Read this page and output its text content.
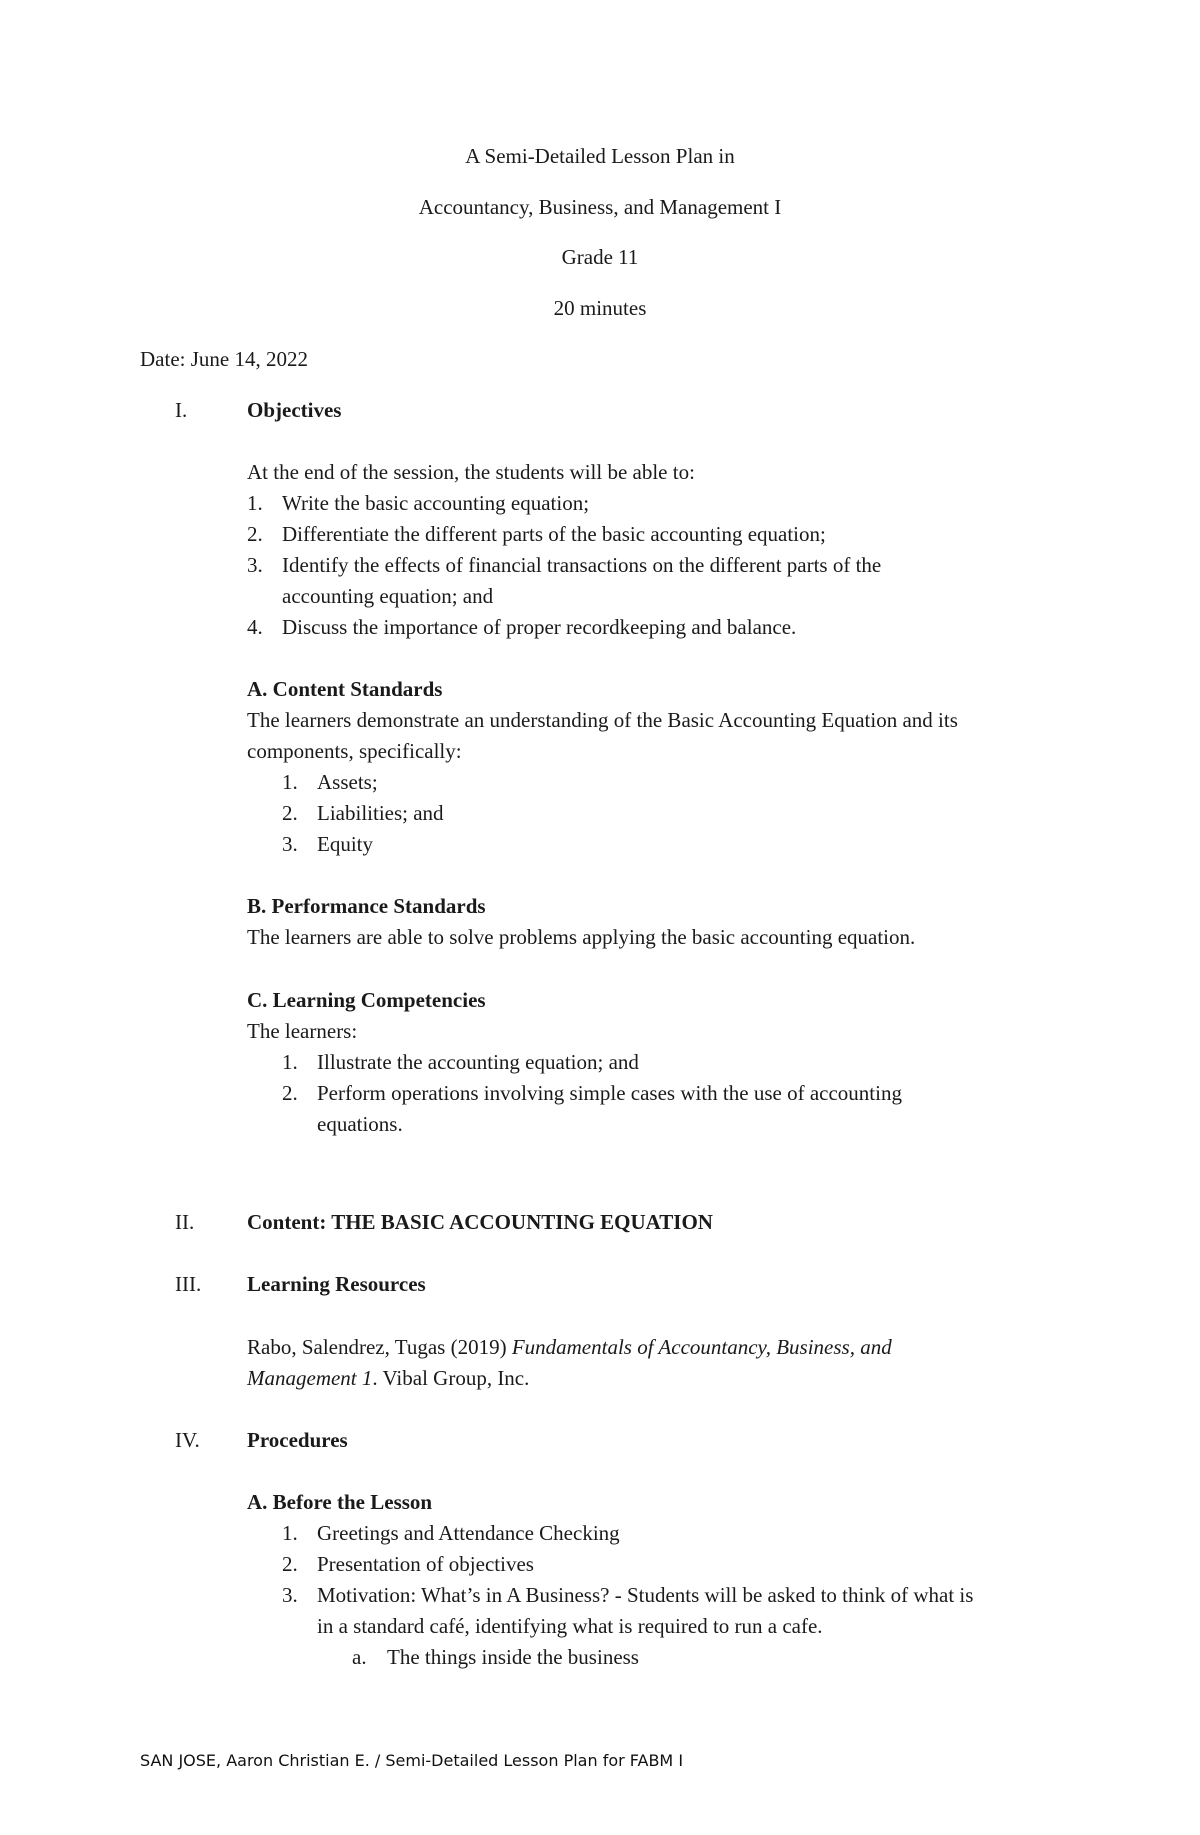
A Semi-Detailed Lesson Plan in
Accountancy, Business, and Management I
Grade 11
20 minutes
Date: June 14, 2022
I.	Objectives
At the end of the session, the students will be able to:
1. Write the basic accounting equation;
2. Differentiate the different parts of the basic accounting equation;
3. Identify the effects of financial transactions on the different parts of the
accounting equation; and
4. Discuss the importance of proper recordkeeping and balance.
A. Content Standards
The learners demonstrate an understanding of the Basic Accounting Equation and its
components, specifically:
1. Assets;
2. Liabilities; and
3. Equity
B. Performance Standards
The learners are able to solve problems applying the basic accounting equation.
C. Learning Competencies
The learners:
1. Illustrate the accounting equation; and
2. Perform operations involving simple cases with the use of accounting
equations.
II.	Content: THE BASIC ACCOUNTING EQUATION
III. Learning Resources
Rabo, Salendrez, Tugas (2019) Fundamentals of Accountancy, Business, and
Management 1. Vibal Group, Inc.
IV. Procedures
A. Before the Lesson
1. Greetings and Attendance Checking
2. Presentation of objectives
3. Motivation: What’s in A Business? - Students will be asked to think of what is
in a standard café, identifying what is required to run a cafe.
a. The things inside the business
SAN JOSE, Aaron Christian E. / Semi-Detailed Lesson Plan for FABM I
